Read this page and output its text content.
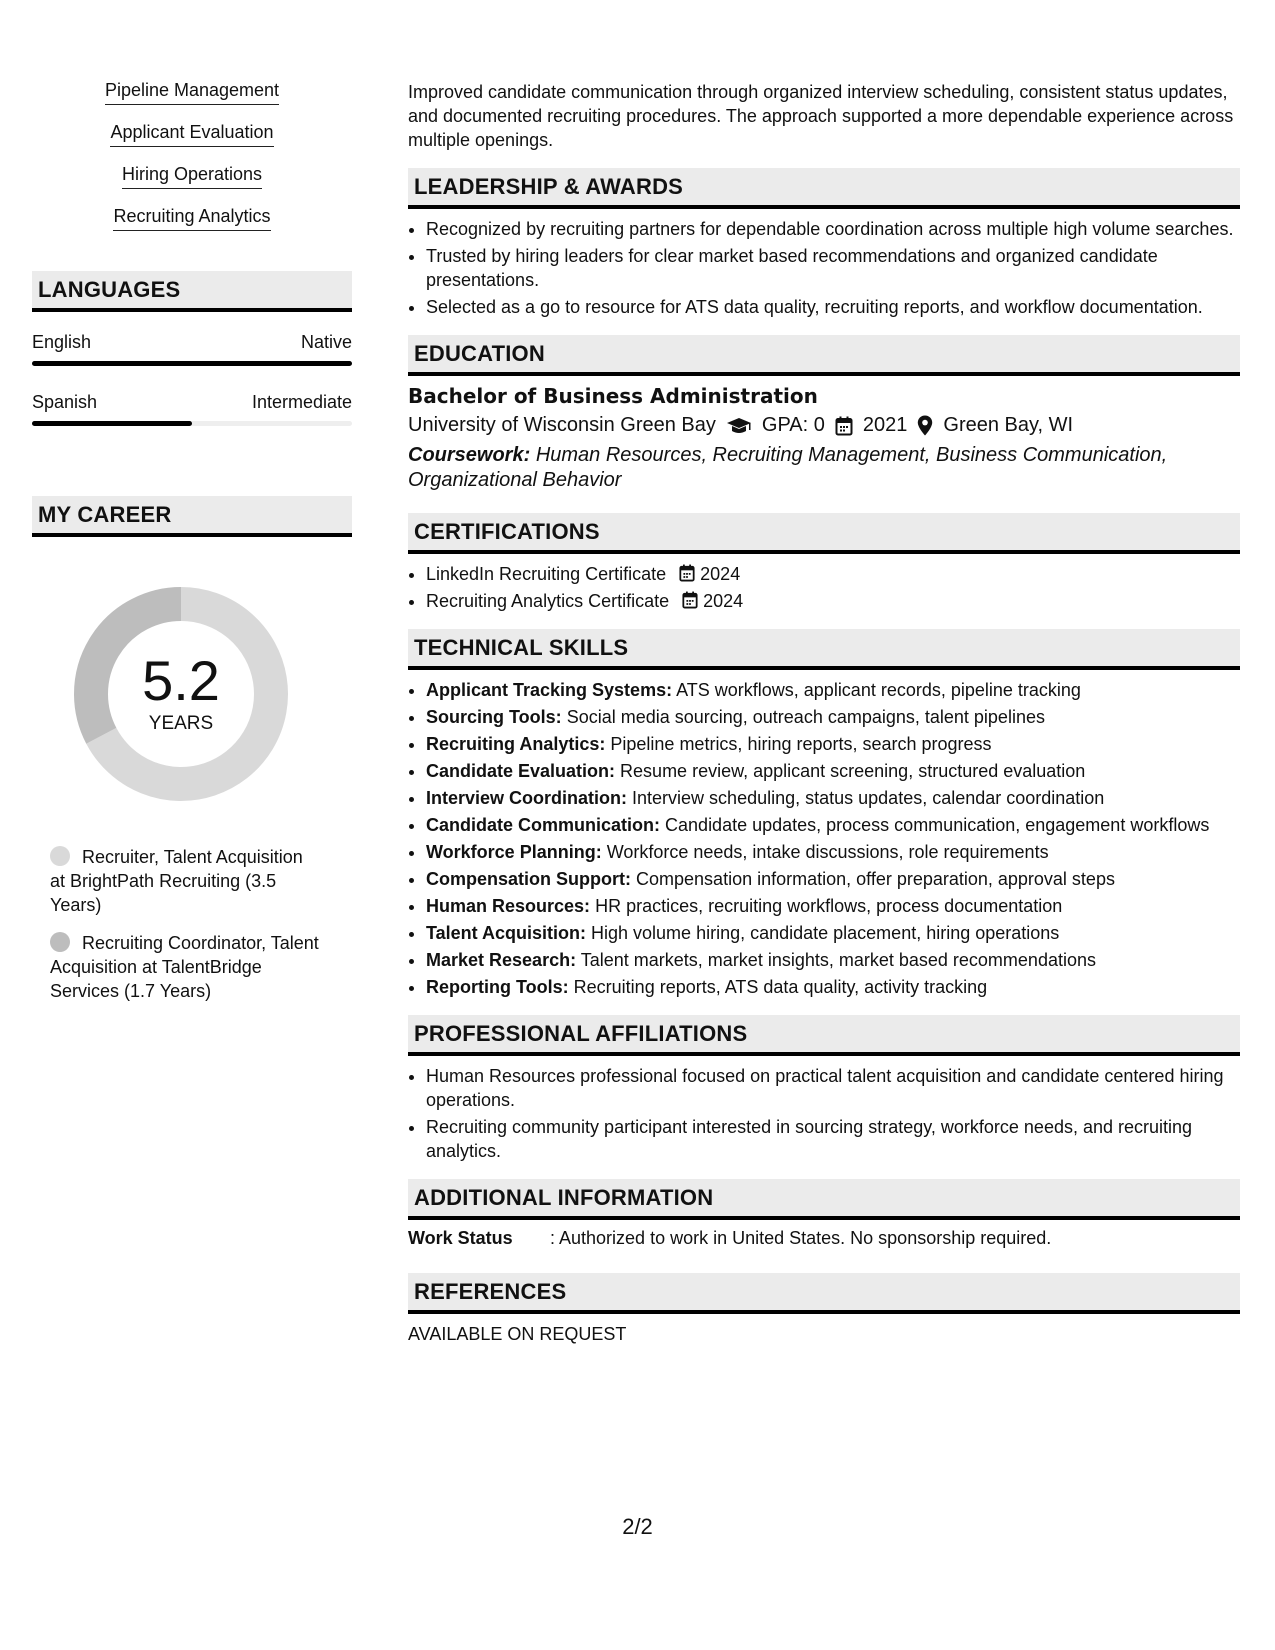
Pipeline Management
Applicant Evaluation
Hiring Operations
Recruiting Analytics
LANGUAGES
English	Native
Spanish	Intermediate
MY CAREER
5.2
YEARS
Recruiter, Talent Acquisition at BrightPath Recruiting (3.5 Years)
Recruiting Coordinator, Talent Acquisition at TalentBridge Services (1.7 Years)

Improved candidate communication through organized interview scheduling, consistent status updates, and documented recruiting procedures. The approach supported a more dependable experience across multiple openings.

LEADERSHIP & AWARDS
• Recognized by recruiting partners for dependable coordination across multiple high volume searches.
• Trusted by hiring leaders for clear market based recommendations and organized candidate presentations.
• Selected as a go to resource for ATS data quality, recruiting reports, and workflow documentation.
EDUCATION
Bachelor of Business Administration
University of Wisconsin Green Bay GPA: 0 2021 Green Bay, WI
Coursework: Human Resources, Recruiting Management, Business Communication, Organizational Behavior
CERTIFICATIONS
• LinkedIn Recruiting Certificate 2024
• Recruiting Analytics Certificate 2024
TECHNICAL SKILLS
• Applicant Tracking Systems: ATS workflows, applicant records, pipeline tracking
• Sourcing Tools: Social media sourcing, outreach campaigns, talent pipelines
• Recruiting Analytics: Pipeline metrics, hiring reports, search progress
• Candidate Evaluation: Resume review, applicant screening, structured evaluation
• Interview Coordination: Interview scheduling, status updates, calendar coordination
• Candidate Communication: Candidate updates, process communication, engagement workflows
• Workforce Planning: Workforce needs, intake discussions, role requirements
• Compensation Support: Compensation information, offer preparation, approval steps
• Human Resources: HR practices, recruiting workflows, process documentation
• Talent Acquisition: High volume hiring, candidate placement, hiring operations
• Market Research: Talent markets, market insights, market based recommendations
• Reporting Tools: Recruiting reports, ATS data quality, activity tracking
PROFESSIONAL AFFILIATIONS
• Human Resources professional focused on practical talent acquisition and candidate centered hiring operations.
• Recruiting community participant interested in sourcing strategy, workforce needs, and recruiting analytics.
ADDITIONAL INFORMATION
Work Status	: Authorized to work in United States. No sponsorship required.
REFERENCES
AVAILABLE ON REQUEST
2/2
